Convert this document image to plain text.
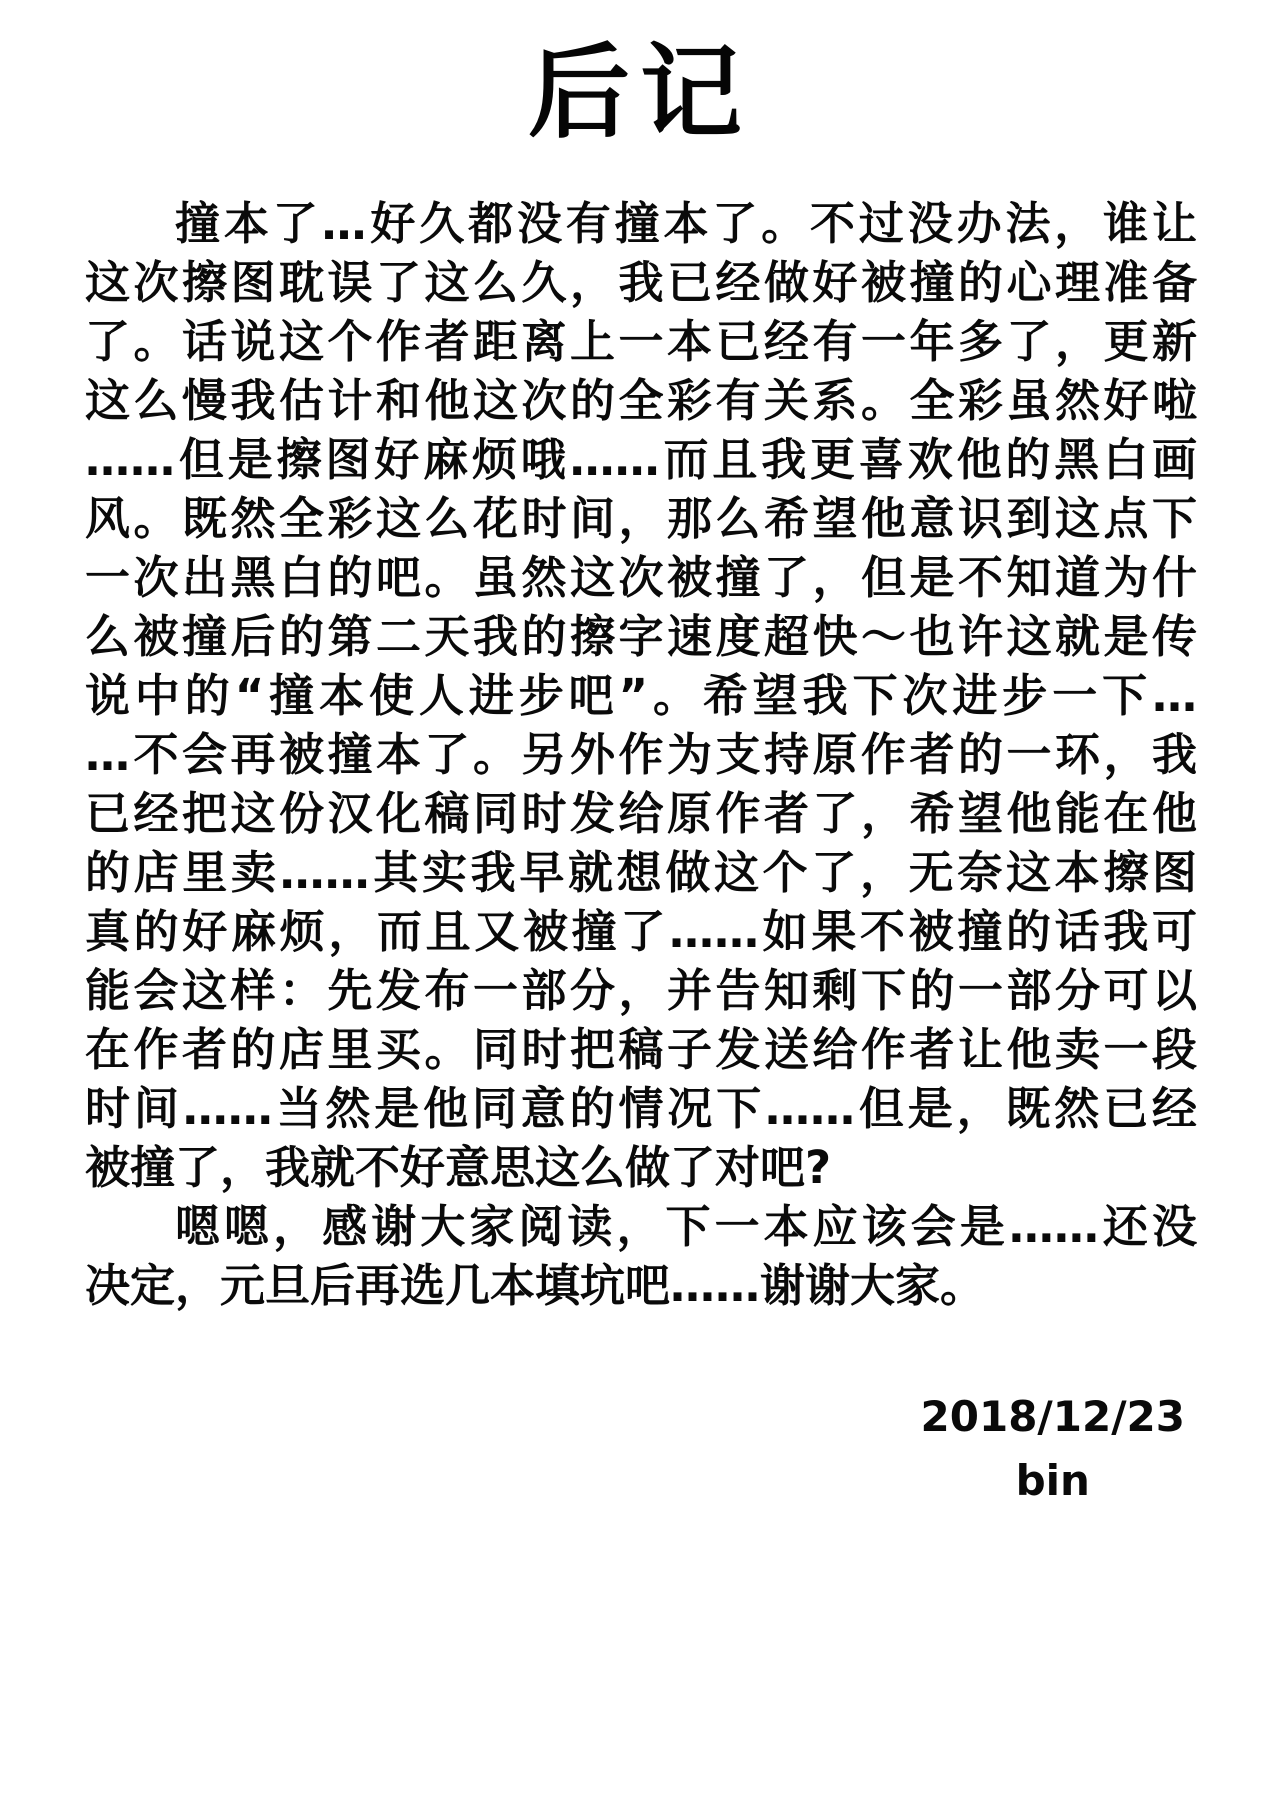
后记
撞本了…好久都没有撞本了。不过没办法，谁让
这次擦图耽误了这么久，我已经做好被撞的心理准备
了。话说这个作者距离上一本已经有一年多了，更新
这么慢我估计和他这次的全彩有关系。全彩虽然好啦
……但是擦图好麻烦哦……而且我更喜欢他的黑白画
风。既然全彩这么花时间，那么希望他意识到这点下
一次出黑白的吧。虽然这次被撞了，但是不知道为什
么被撞后的第二天我的擦字速度超快～也许这就是传
说中的“撞本使人进步吧”。希望我下次进步一下…
…不会再被撞本了。另外作为支持原作者的一环，我
已经把这份汉化稿同时发给原作者了，希望他能在他
的店里卖……其实我早就想做这个了，无奈这本擦图
真的好麻烦，而且又被撞了……如果不被撞的话我可
能会这样：先发布一部分，并告知剩下的一部分可以
在作者的店里买。同时把稿子发送给作者让他卖一段
时间……当然是他同意的情况下……但是，既然已经
被撞了，我就不好意思这么做了对吧?
嗯嗯，感谢大家阅读，下一本应该会是……还没
决定，元旦后再选几本填坑吧……谢谢大家。
2018/12/23
bin
